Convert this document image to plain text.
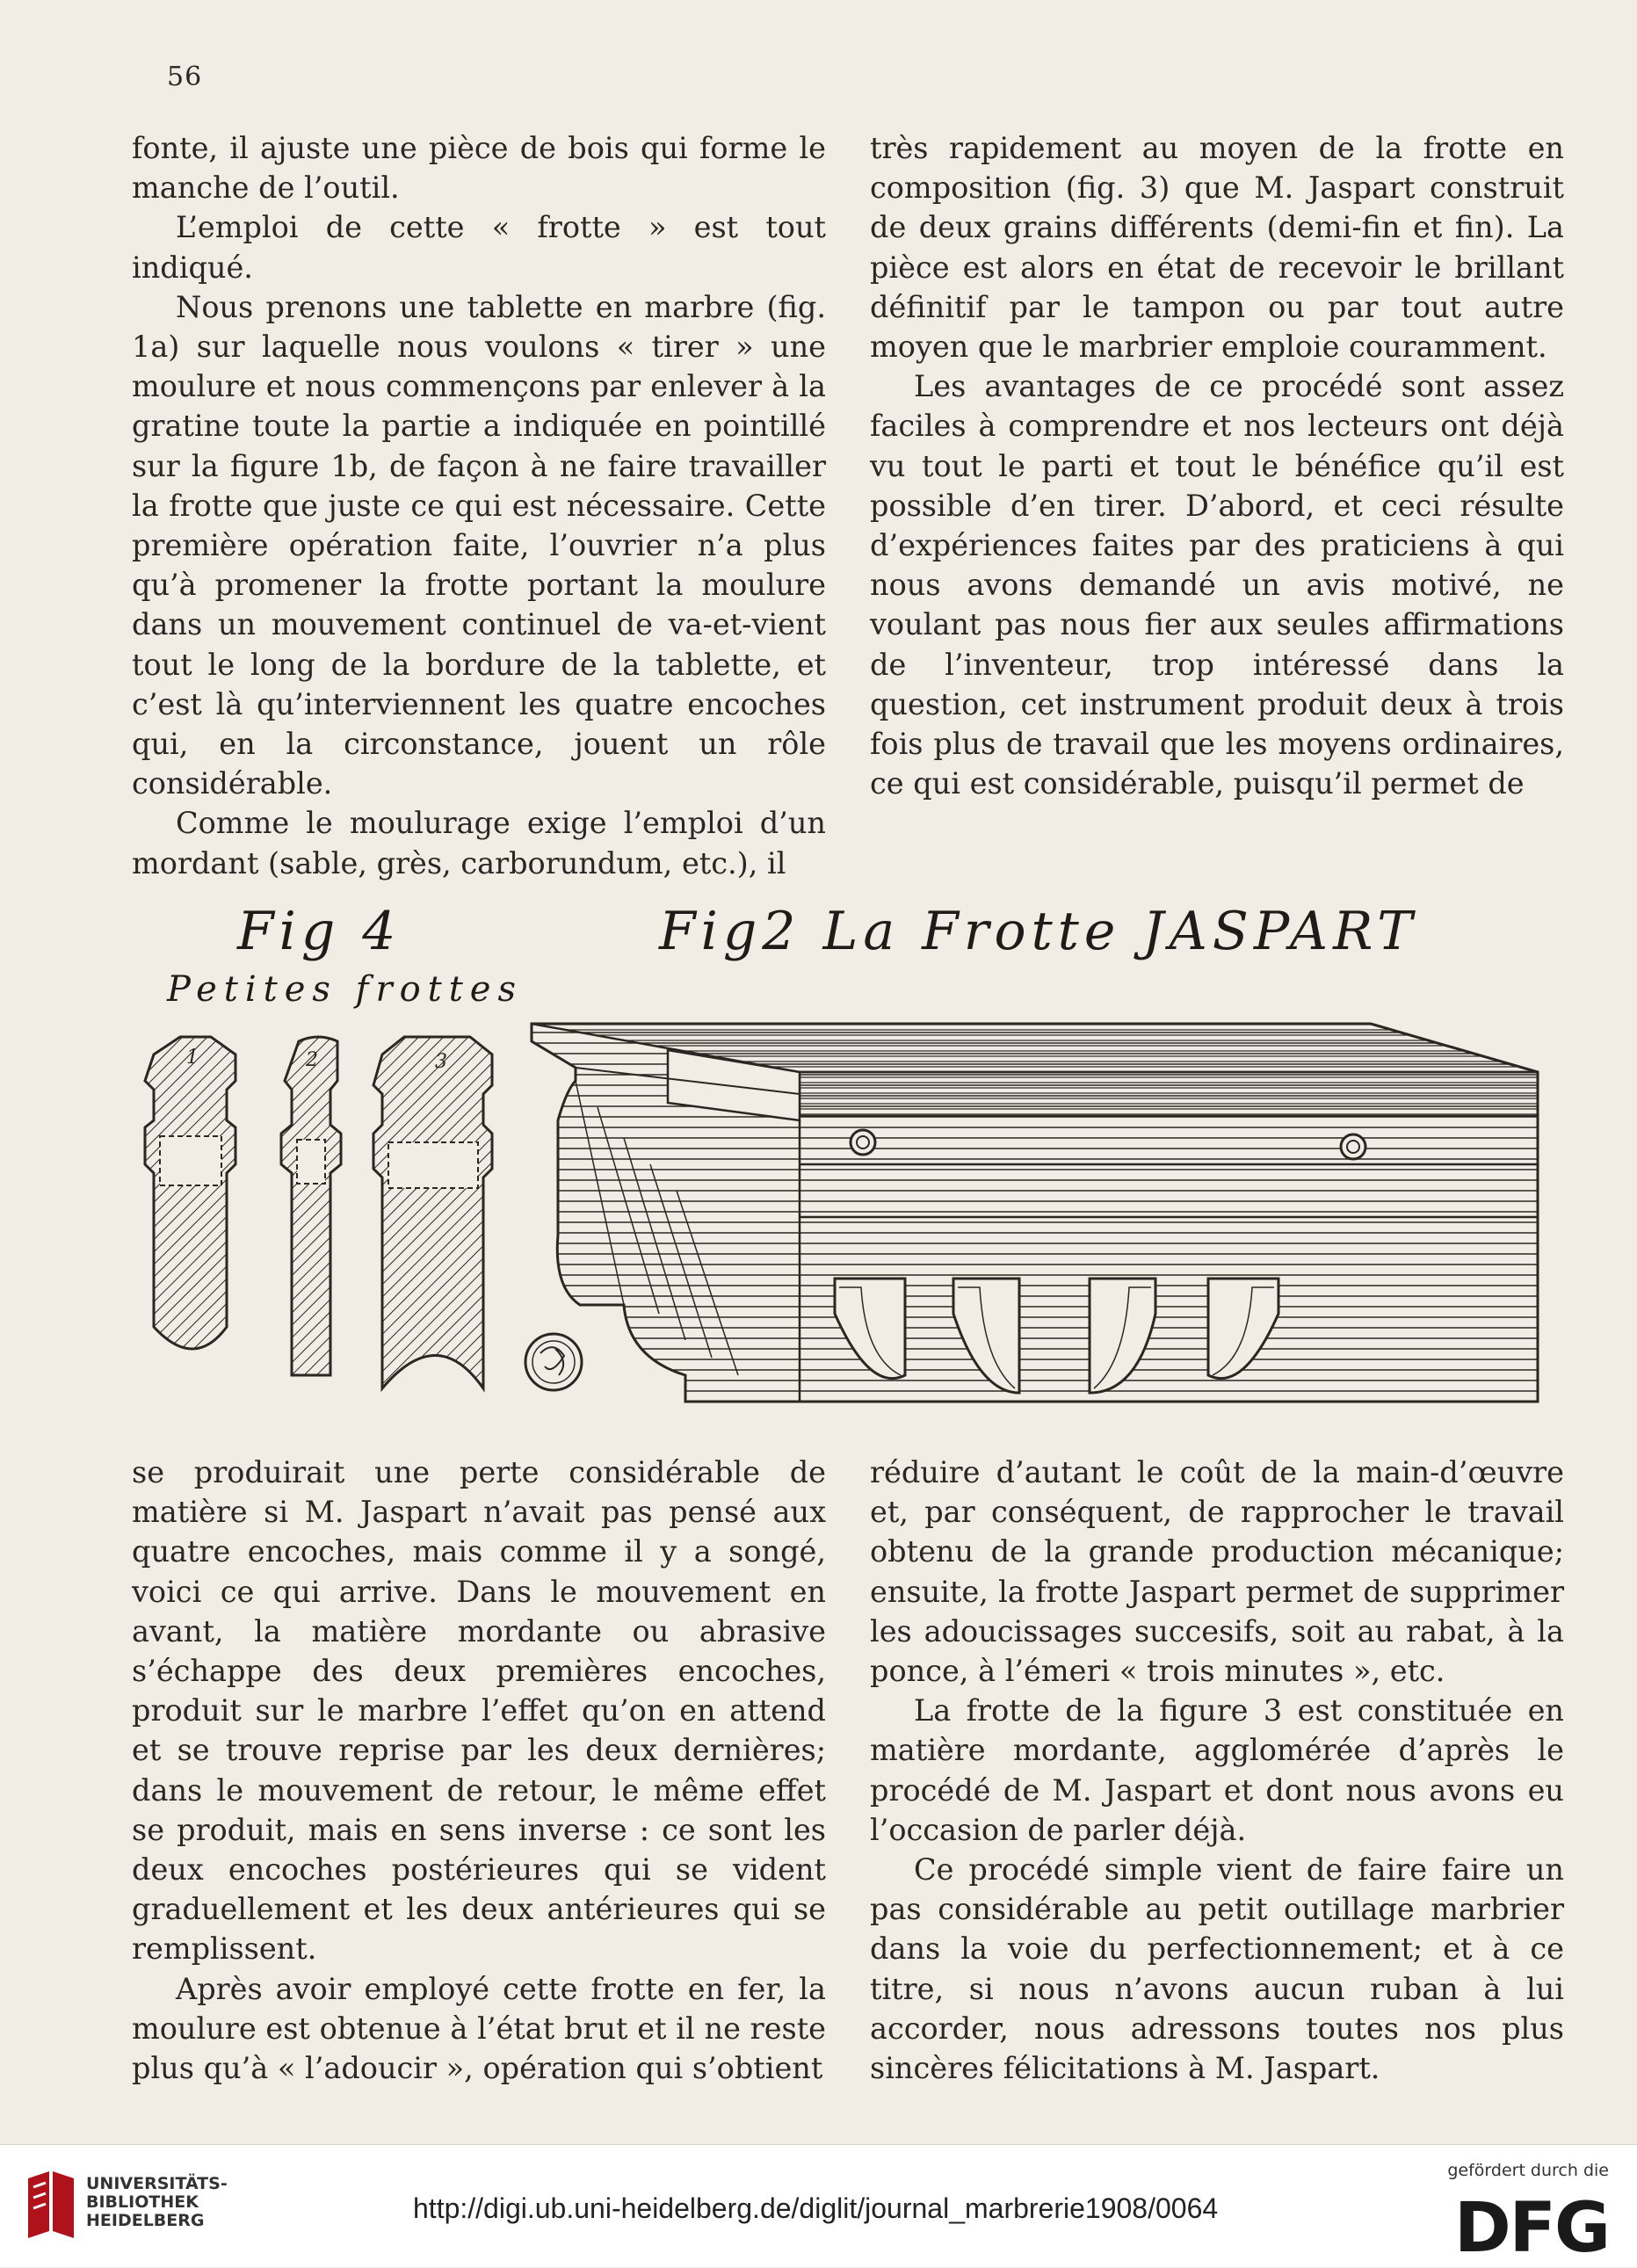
56

fonte, il ajuste une pièce de bois qui forme le manche de l’outil.

L’emploi de cette « frotte » est tout indiqué.

Nous prenons une tablette en marbre (fig. 1a) sur laquelle nous voulons « tirer » une moulure et nous commençons par enlever à la gratine toute la partie a indiquée en pointillé sur la figure 1b, de façon à ne faire travailler la frotte que juste ce qui est nécessaire. Cette première opération faite, l’ouvrier n’a plus qu’à promener la frotte portant la moulure dans un mouvement continuel de va-et-vient tout le long de la bordure de la tablette, et c’est là qu’interviennent les quatre encoches qui, en la circonstance, jouent un rôle considérable.

Comme le moulurage exige l’emploi d’un mordant (sable, grès, carborundum, etc.), il

très rapidement au moyen de la frotte en composition (fig. 3) que M. Jaspart construit de deux grains différents (demi-fin et fin). La pièce est alors en état de recevoir le brillant définitif par le tampon ou par tout autre moyen que le marbrier emploie couramment.

Les avantages de ce procédé sont assez faciles à comprendre et nos lecteurs ont déjà vu tout le parti et tout le bénéfice qu’il est possible d’en tirer. D’abord, et ceci résulte d’expériences faites par des praticiens à qui nous avons demandé un avis motivé, ne voulant pas nous fier aux seules affirmations de l’inventeur, trop intéressé dans la question, cet instrument produit deux à trois fois plus de travail que les moyens ordinaires, ce qui est considérable, puisqu’il permet de

Fig 4
Petites frottes
Fig2 La Frotte JASPART
1	2	3

se produirait une perte considérable de matière si M. Jaspart n’avait pas pensé aux quatre encoches, mais comme il y a songé, voici ce qui arrive. Dans le mouvement en avant, la matière mordante ou abrasive s’échappe des deux premières encoches, produit sur le marbre l’effet qu’on en attend et se trouve reprise par les deux dernières; dans le mouvement de retour, le même effet se produit, mais en sens inverse : ce sont les deux encoches postérieures qui se vident graduellement et les deux antérieures qui se remplissent.

Après avoir employé cette frotte en fer, la moulure est obtenue à l’état brut et il ne reste plus qu’à « l’adoucir », opération qui s’obtient

réduire d’autant le coût de la main-d’œuvre et, par conséquent, de rapprocher le travail obtenu de la grande production mécanique; ensuite, la frotte Jaspart permet de supprimer les adoucissages succesifs, soit au rabat, à la ponce, à l’émeri « trois minutes », etc.

La frotte de la figure 3 est constituée en matière mordante, agglomérée d’après le procédé de M. Jaspart et dont nous avons eu l’occasion de parler déjà.

Ce procédé simple vient de faire faire un pas considérable au petit outillage marbrier dans la voie du perfectionnement; et à ce titre, si nous n’avons aucun ruban à lui accorder, nous adressons toutes nos plus sincères félicitations à M. Jaspart.

UNIVERSITÄTS-
BIBLIOTHEK
HEIDELBERG	http://digi.ub.uni-heidelberg.de/diglit/journal_marbrerie1908/0064
gefördert durch die
DFG
